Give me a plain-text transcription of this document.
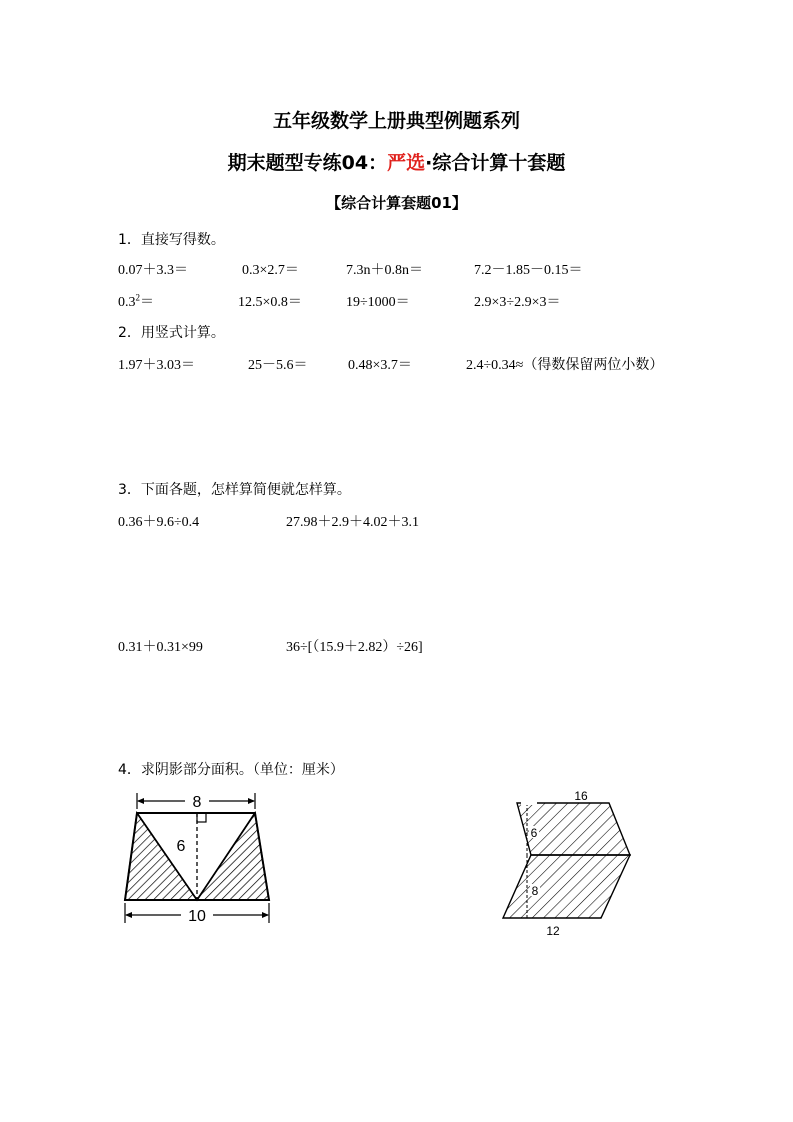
五年级数学上册典型例题系列
期末题型专练04：严选·综合计算十套题
【综合计算套题01】
1．直接写得数。
0.07＋3.3＝	0.3×2.7＝	7.3n＋0.8n＝	7.2－1.85－0.15＝
$0.3^2=$	12.5×0.8＝	19÷1000＝	2.9×3÷2.9×3＝
2．用竖式计算。
1.97＋3.03＝	25－5.6＝	0.48×3.7＝	2.4÷0.34≈（得数保留两位小数）
3．下面各题，怎样算简便就怎样算。
0.36＋9.6÷0.4	27.98＋2.9＋4.02＋3.1
0.31＋0.31×99	36÷[（15.9＋2.82）÷26]
4．求阴影部分面积。（单位：厘米）
8
6
10
16
6
8
12
